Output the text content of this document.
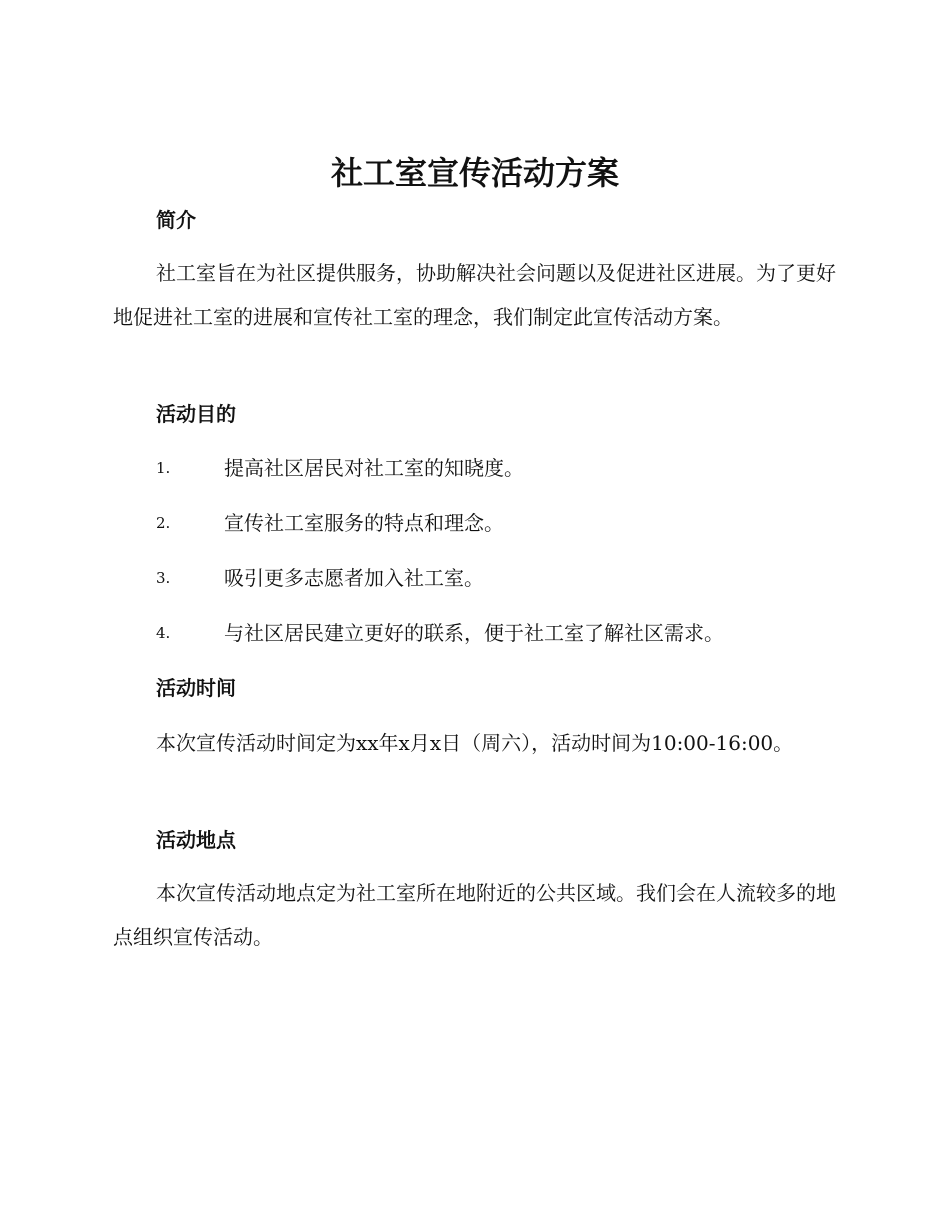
社工室宣传活动方案
简介

社工室旨在为社区提供服务，协助解决社会问题以及促进社区进展。为了更好地促进社工室的进展和宣传社工室的理念，我们制定此宣传活动方案。

活动目的
1.	提高社区居民对社工室的知晓度。
2.	宣传社工室服务的特点和理念。
3.	吸引更多志愿者加入社工室。
4.	与社区居民建立更好的联系，便于社工室了解社区需求。
活动时间

本次宣传活动时间定为xx年x月x日（周六），活动时间为10:00-16:00。

活动地点

本次宣传活动地点定为社工室所在地附近的公共区域。我们会在人流较多的地点组织宣传活动。
